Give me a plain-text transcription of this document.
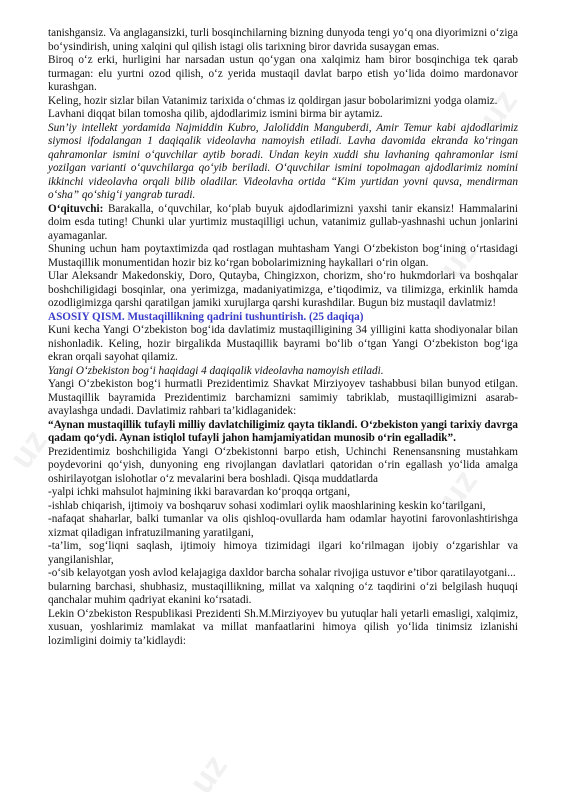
uz
uz
uz
uz
uz

tanishgansiz. Va anglagansizki, turli bosqinchilarning bizning dunyoda tengi yo‘q ona diyorimizni o‘ziga bo‘ysindirish, uning xalqini qul qilish istagi olis tarixning biror davrida susaygan emas.

Biroq o‘z erki, hurligini har narsadan ustun qo‘ygan ona xalqimiz ham biror bosqinchiga tek qarab turmagan: elu yurtni ozod qilish, o‘z yerida mustaqil davlat barpo etish yo‘lida doimo mardonavor kurashgan.

Keling, hozir sizlar bilan Vatanimiz tarixida o‘chmas iz qoldirgan jasur bobolarimizni yodga olamiz.

Lavhani diqqat bilan tomosha qilib, ajdodlarimiz ismini birma bir aytamiz.

Sun’iy intellekt yordamida Najmiddin Kubro, Jaloliddin Manguberdi, Amir Temur kabi ajdodlarimiz siymosi ifodalangan 1 daqiqalik videolavha namoyish etiladi. Lavha davomida ekranda ko‘ringan qahramonlar ismini o‘quvchilar aytib boradi. Undan keyin xuddi shu lavhaning qahramonlar ismi yozilgan varianti o‘quvchilarga qo‘yib beriladi. O‘quvchilar ismini topolmagan ajdodlarimiz nomini ikkinchi videolavha orqali bilib oladilar. Videolavha ortida “Kim yurtidan yovni quvsa, mendirman o‘sha” qo‘shig‘i yangrab turadi.

O‘qituvchi: Barakalla, o‘quvchilar, ko‘plab buyuk ajdodlarimizni yaxshi tanir ekansiz! Hammalarini doim esda tuting! Chunki ular yurtimiz mustaqilligi uchun, vatanimiz gullab-yashnashi uchun jonlarini ayamaganlar.

Shuning uchun ham poytaxtimizda qad rostlagan muhtasham Yangi O‘zbekiston bog‘ining o‘rtasidagi Mustaqillik monumentidan hozir biz ko‘rgan bobolarimizning haykallari o‘rin olgan.

Ular Aleksandr Makedonskiy, Doro, Qutayba, Chingizxon, chorizm, sho‘ro hukmdorlari va boshqalar boshchiligidagi bosqinlar, ona yerimizga, madaniyatimizga, e’tiqodimiz, va tilimizga, erkinlik hamda ozodligimizga qarshi qaratilgan jamiki xurujlarga qarshi kurashdilar. Bugun biz mustaqil davlatmiz!

ASOSIY QISM. Mustaqillikning qadrini tushuntirish. (25 daqiqa)

Kuni kecha Yangi O‘zbekiston bog‘ida davlatimiz mustaqilligining 34 yilligini katta shodiyonalar bilan nishonladik. Keling, hozir birgalikda Mustaqillik bayrami bo‘lib o‘tgan Yangi O‘zbekiston bog‘iga ekran orqali sayohat qilamiz.

Yangi O‘zbekiston bog‘i haqidagi 4 daqiqalik videolavha namoyish etiladi.

Yangi O‘zbekiston bog‘i hurmatli Prezidentimiz Shavkat Mirziyoyev tashabbusi bilan bunyod etilgan. Mustaqillik bayramida Prezidentimiz barchamizni samimiy tabriklab, mustaqilligimizni asarab-avaylashga undadi. Davlatimiz rahbari ta’kidlaganidek:

“Aynan mustaqillik tufayli milliy davlatchiligimiz qayta tiklandi. O‘zbekiston yangi tarixiy davrga qadam qo‘ydi. Aynan istiqlol tufayli jahon hamjamiyatidan munosib o‘rin egalladik”.

Prezidentimiz boshchiligida Yangi O‘zbekistonni barpo etish, Uchinchi Renensansning mustahkam poydevorini qo‘yish, dunyoning eng rivojlangan davlatlari qatoridan o‘rin egallash yo‘lida amalga oshirilayotgan islohotlar o‘z mevalarini bera boshladi. Qisqa muddatlarda

-yalpi ichki mahsulot hajmining ikki baravardan ko‘proqqa ortgani,

-ishlab chiqarish, ijtimoiy va boshqaruv sohasi xodimlari oylik maoshlarining keskin ko‘tarilgani,

-nafaqat shaharlar, balki tumanlar va olis qishloq-ovullarda ham odamlar hayotini farovonlashtirishga xizmat qiladigan infratuzilmaning yaratilgani,

-ta’lim, sog‘liqni saqlash, ijtimoiy himoya tizimidagi ilgari ko‘rilmagan ijobiy o‘zgarishlar va yangilanishlar,

-o‘sib kelayotgan yosh avlod kelajagiga daxldor barcha sohalar rivojiga ustuvor e’tibor qaratilayotgani...

bularning barchasi, shubhasiz, mustaqillikning, millat va xalqning o‘z taqdirini o‘zi belgilash huquqi qanchalar muhim qadriyat ekanini ko‘rsatadi.

Lekin O‘zbekiston Respublikasi Prezidenti Sh.M.Mirziyoyev bu yutuqlar hali yetarli emasligi, xalqimiz, xusuan, yoshlarimiz mamlakat va millat manfaatlarini himoya qilish yo‘lida tinimsiz izlanishi lozimligini doimiy ta’kidlaydi:
